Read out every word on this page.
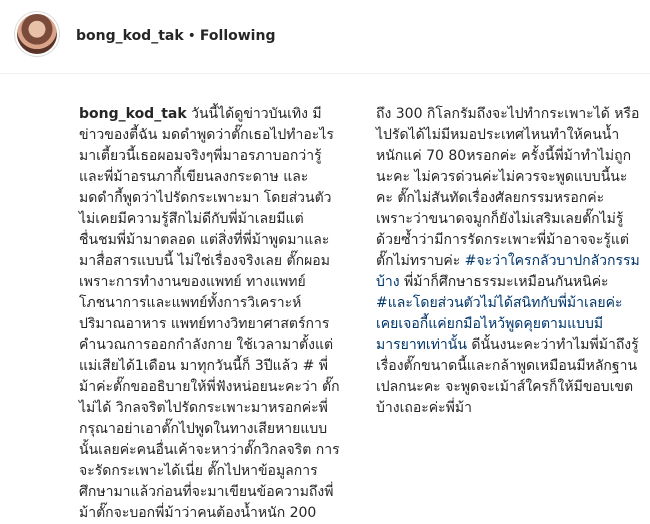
bong_kod_tak • Following

bong_kod_tak วันนี้ได้ดูข่าวบันเทิง มีข่าวของตี้ฉัน มดดำพูดว่าตั๊กเธอไปทำอะไรมาเตี้ยวนี้เธอผอมจริงๆพี่มาอรภาบอกว่ารู้ และพี่ม้าอรนภากี้เขียนลงกระดาษ และมดดำกี้พูดว่าไปรัดกระเพาะมา โดยส่วนตัวไม่เคยมีความรู้สึกไม่ดีกับพี่ม้าเลยมีแต่ชื่นชมพี่ม้ามาตลอด แต่สิ่งที่พี่ม้าพูดมาและมาสื่อสารแบบนี้ ไม่ใช่เรื่องจริงเลย ตั๊กผอมเพราะการทำงานของแพทย์ ทางแพทย์โภชนาการและแพทย์ทั้งการวิเคราะห์ปริมาณอาหาร แพทย์ทางวิทยาศาสตร์การคำนวณการออกกำลังกาย ใช้เวลามาตั้งแต่แม่เสียได้1เดือน มาทุกวันนี้ก็ 3ปีแล้ว # พี่ม้าค่ะตั๊กขออธิบายให้พี่ฟังหน่อยนะคะว่า ตั๊กไม่ได้ วิกลจริตไปรัดกระเพาะมาหรอกค่ะพี่กรุณาอย่าเอาตั๊กไปพูดในทางเสียหายแบบนั้นเลยค่ะคนอื่นเค้าจะหาว่าตั๊กวิกลจริต การจะรัดกระเพาะได้เนี่ย ตั๊กไปหาข้อมูลการศึกษามาแล้วก่อนที่จะมาเขียนข้อความถึงพี่ม้าตั๊กจะบอกพี่ม้าว่าคนต้องน้ำหนัก 200

ถึง 300 กิโลกรัมถึงจะไปทำกระเพาะได้ หรือไปรัดได้ไม่มีหมอประเทศไหนทำให้คนน้ำหนักแค่ 70 80หรอกค่ะ ครั้งนี้พี่ม้าทำไม่ถูกนะคะ ไม่ควรด่วนค่ะไม่ควรจะพูดแบบนี้นะคะ ตั๊กไม่สันทัดเรื่องศัลยกรรมหรอกค่ะ เพราะว่าขนาดจมูกก็ยังไม่เสริมเลยตั๊กไม่รู้ด้วยซ้ำว่ามีการรัดกระเพาะพี่ม้าอาจจะรู้แต่ตั๊กไม่ทราบค่ะ #จะว่าใครกลัวบาปกลัวกรรมบ้าง พี่ม้าก็ศึกษาธรรมะเหมือนกันหนิค่ะ #และโดยส่วนตัวไม่ได้สนิทกับพี่ม้าเลยค่ะเคยเจอกี้แค่ยกมือไหว้พูดคุยตามแบบมีมารยาทเท่านั้น ดีนั้นงนะคะว่าทำไมพี่ม้าถึงรู้เรื่องตั๊กขนาดนี้และกล้าพูดเหมือนมีหลักฐานเปลกนะคะ จะพูดจะเม้าส์ใครก็ให้มีขอบเขตบ้างเถอะค่ะพี่ม้า
